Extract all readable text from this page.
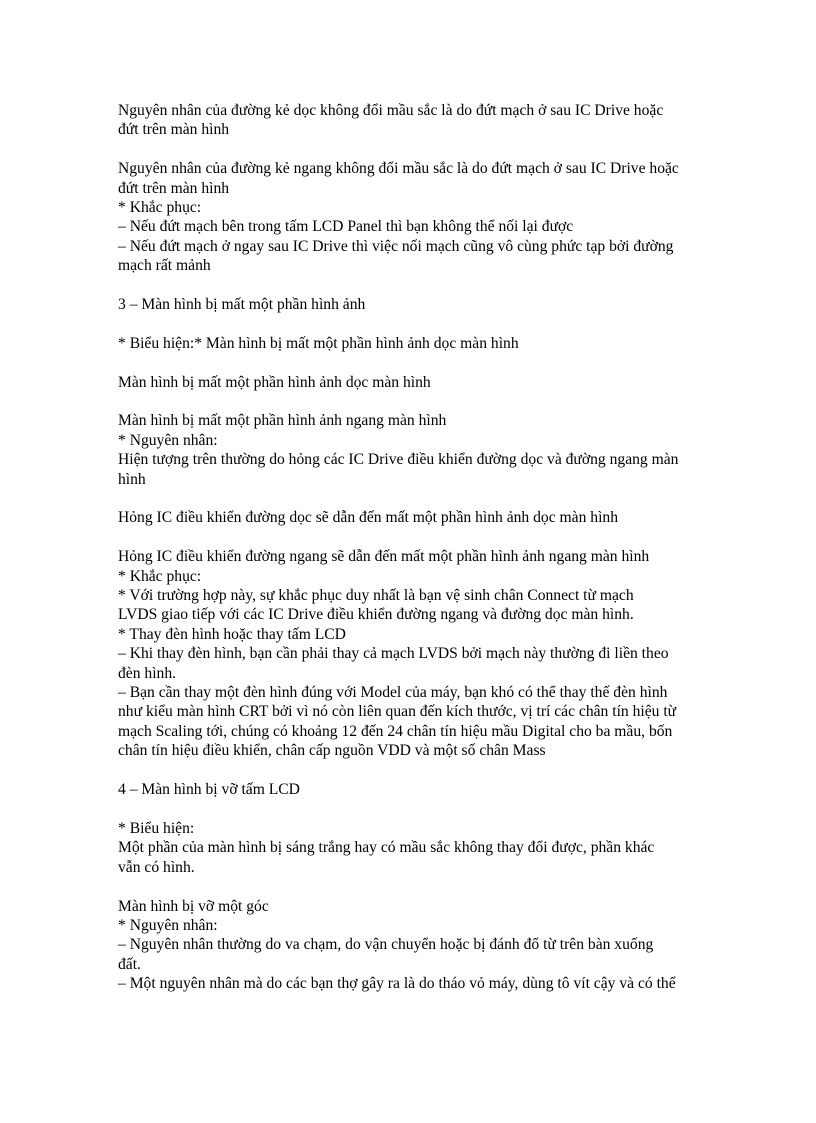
Nguyên nhân của đường kẻ dọc không đổi mầu sắc là do đứt mạch ở sau IC Drive hoặc
đứt trên màn hình
Nguyên nhân của đường kẻ ngang không đổi mầu sắc là do đứt mạch ở sau IC Drive hoặc
đứt trên màn hình
* Khắc phục:
– Nếu đứt mạch bên trong tấm LCD Panel thì bạn không thể nối lại được
– Nếu đứt mạch ở ngay sau IC Drive thì việc nối mạch cũng vô cùng phức tạp bởi đường
mạch rất mảnh
3 – Màn hình bị mất một phần hình ảnh
* Biểu hiện:* Màn hình bị mất một phần hình ảnh dọc màn hình
Màn hình bị mất một phần hình ảnh dọc màn hình
Màn hình bị mất một phần hình ảnh ngang màn hình
* Nguyên nhân:
Hiện tượng trên thường do hỏng các IC Drive điều khiển đường dọc và đường ngang màn
hình
Hỏng IC điều khiển đường dọc sẽ dẫn đến mất một phần hình ảnh dọc màn hình
Hỏng IC điều khiển đường ngang sẽ dẫn đến mất một phần hình ảnh ngang màn hình
* Khắc phục:
* Với trường hợp này, sự khắc phục duy nhất là bạn vệ sinh chân Connect từ mạch
LVDS giao tiếp với các IC Drive điều khiển đường ngang và đường dọc màn hình.
* Thay đèn hình hoặc thay tấm LCD
– Khi thay đèn hình, bạn cần phải thay cả mạch LVDS bởi mạch này thường đi liền theo
đèn hình.
– Bạn cần thay một đèn hình đúng với Model của máy, bạn khó có thể thay thế đèn hình
như kiểu màn hình CRT bởi vì nó còn liên quan đến kích thước, vị trí các chân tín hiệu từ
mạch Scaling tới, chúng có khoảng 12 đến 24 chân tín hiệu mầu Digital cho ba mầu, bốn
chân tín hiệu điều khiển, chân cấp nguồn VDD và một số chân Mass
4 – Màn hình bị vỡ tấm LCD
* Biểu hiện:
Một phần của màn hình bị sáng trắng hay có mầu sắc không thay đổi được, phần khác
vẫn có hình.
Màn hình bị vỡ một góc
* Nguyên nhân:
– Nguyên nhân thường do va chạm, do vận chuyển hoặc bị đánh đổ từ trên bàn xuống
đất.
– Một nguyên nhân mà do các bạn thợ gây ra là do tháo vỏ máy, dùng tô vít cậy và có thể
